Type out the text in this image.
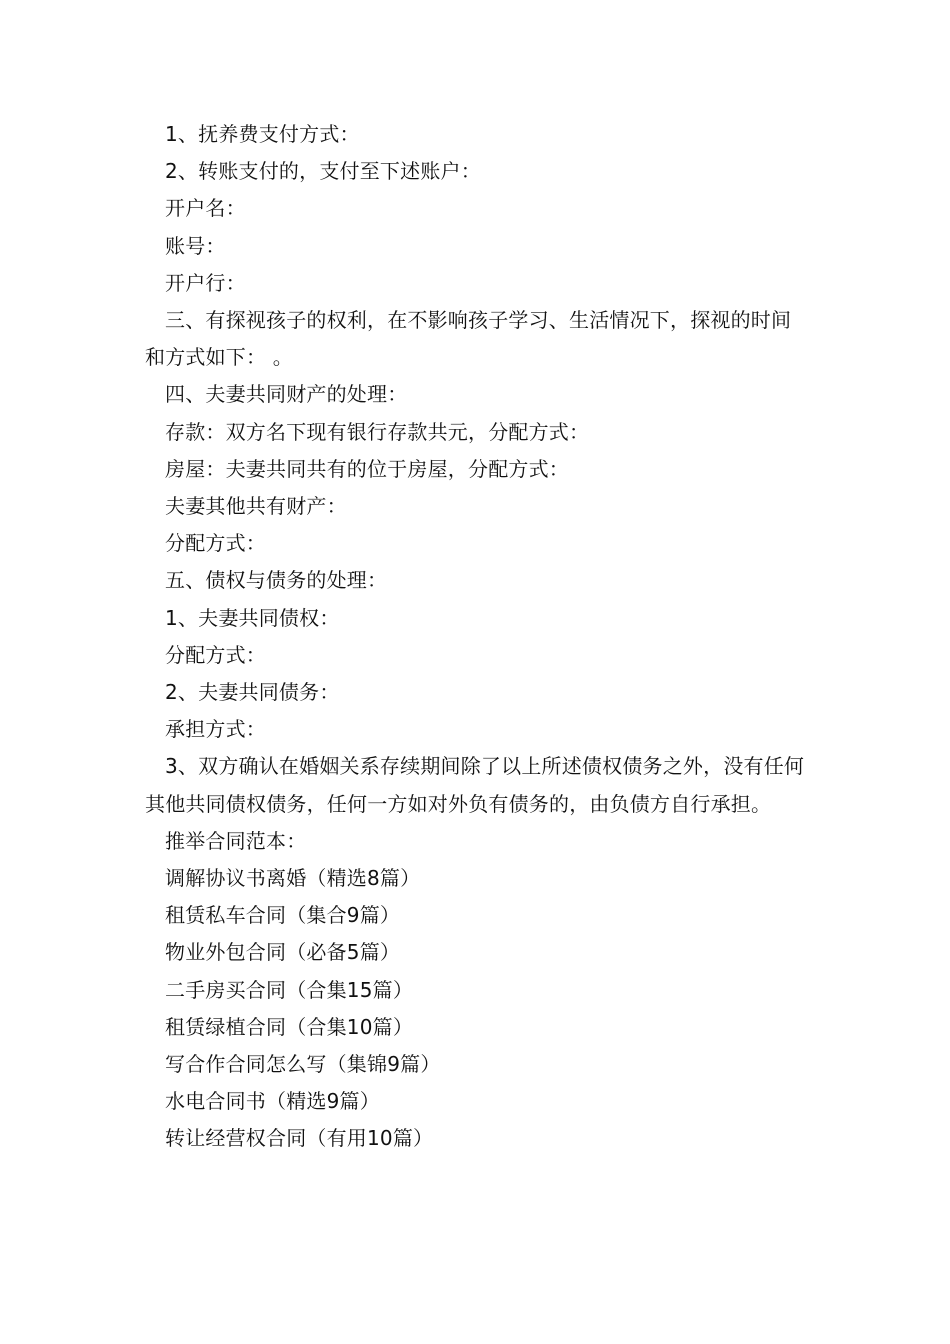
1、抚养费支付方式：

2、转账支付的，支付至下述账户：

开户名：

账号：

开户行：

三、有探视孩子的权利，在不影响孩子学习、生活情况下，探视的时间和方式如下： 。

四、夫妻共同财产的处理：

存款：双方名下现有银行存款共元，分配方式：

房屋：夫妻共同共有的位于房屋，分配方式：

夫妻其他共有财产：

分配方式：

五、债权与债务的处理：

1、夫妻共同债权：

分配方式：

2、夫妻共同债务：

承担方式：

3、双方确认在婚姻关系存续期间除了以上所述债权债务之外，没有任何其他共同债权债务，任何一方如对外负有债务的，由负债方自行承担。

推举合同范本：

调解协议书离婚（精选8篇）

租赁私车合同（集合9篇）

物业外包合同（必备5篇）

二手房买合同（合集15篇）

租赁绿植合同（合集10篇）

写合作合同怎么写（集锦9篇）

水电合同书（精选9篇）

转让经营权合同（有用10篇）
